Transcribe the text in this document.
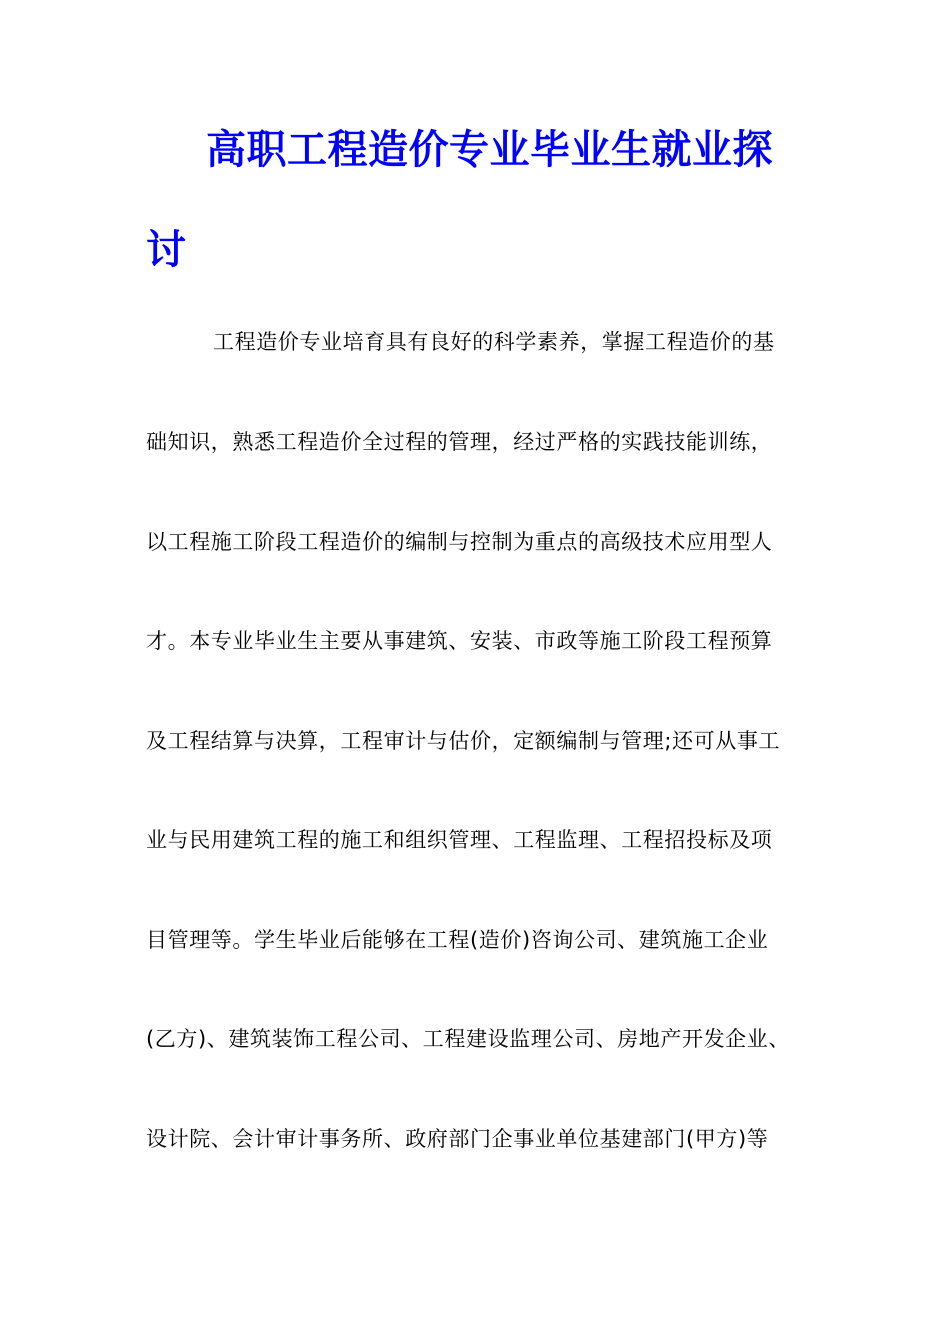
高职工程造价专业毕业生就业探
讨

工程造价专业培育具有良好的科学素养，掌握工程造价的基

础知识，熟悉工程造价全过程的管理，经过严格的实践技能训练，

以工程施工阶段工程造价的编制与控制为重点的高级技术应用型人

才。本专业毕业生主要从事建筑、安装、市政等施工阶段工程预算

及工程结算与决算，工程审计与估价，定额编制与管理;还可从事工

业与民用建筑工程的施工和组织管理、工程监理、工程招投标及项

目管理等。学生毕业后能够在工程(造价)咨询公司、建筑施工企业

(乙方)、建筑装饰工程公司、工程建设监理公司、房地产开发企业、

设计院、会计审计事务所、政府部门企事业单位基建部门(甲方)等
